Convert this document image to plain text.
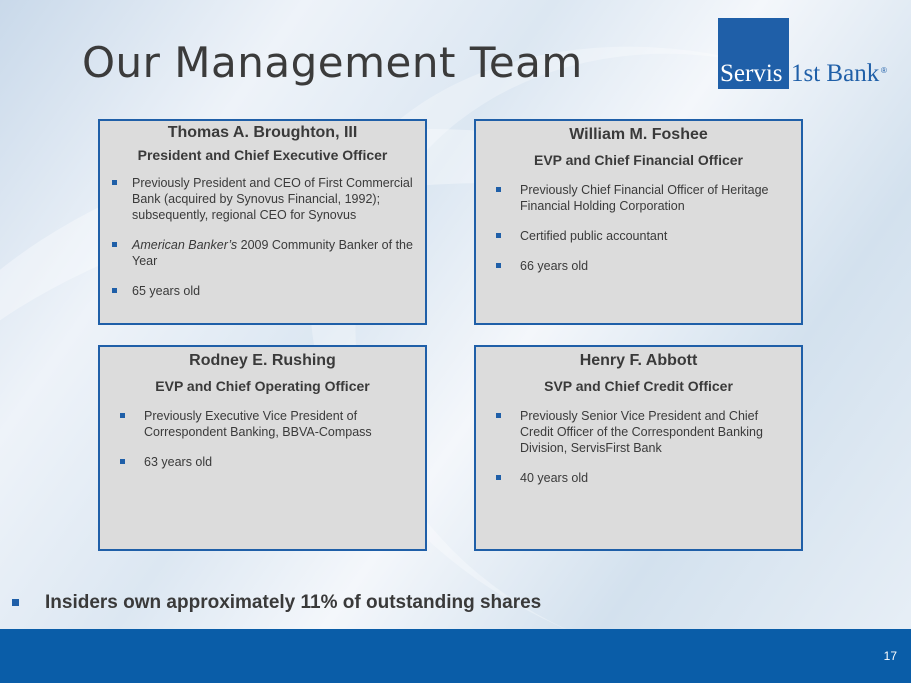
Our Management Team	Servis 1st Bank ®
Thomas A. Broughton, III
President and Chief Executive Officer
Previously President and CEO of First Commercial Bank (acquired by Synovus Financial, 1992); subsequently, regional CEO for Synovus
American Banker’s 2009 Community Banker of the Year
65 years old
William M. Foshee
EVP and Chief Financial Officer
Previously Chief Financial Officer of Heritage Financial Holding Corporation
Certified public accountant
66 years old
Rodney E. Rushing
EVP and Chief Operating Officer
Previously Executive Vice President of Correspondent Banking, BBVA-Compass
63 years old
Henry F. Abbott
SVP and Chief Credit Officer
Previously Senior Vice President and Chief Credit Officer of the Correspondent Banking Division, ServisFirst Bank
40 years old
Insiders own approximately 11% of outstanding shares
17
